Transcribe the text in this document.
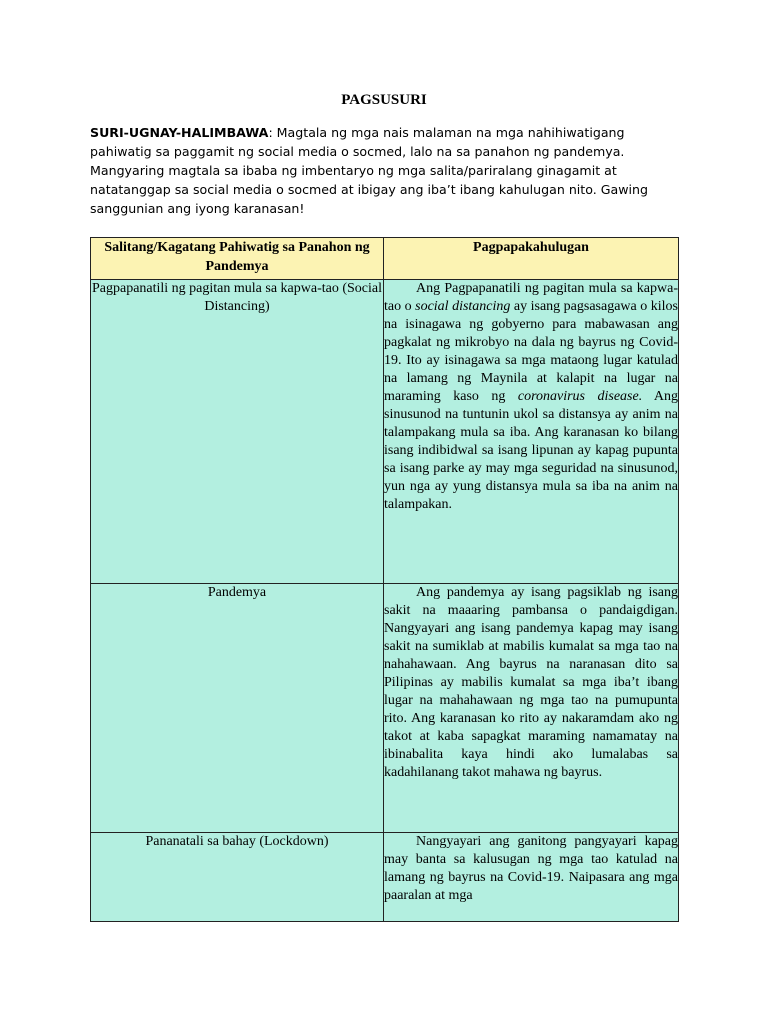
PAGSUSURI
SURI-UGNAY-HALIMBAWA: Magtala ng mga nais malaman na mga nahihiwatigang pahiwatig sa paggamit ng social media o socmed, lalo na sa panahon ng pandemya. Mangyaring magtala sa ibaba ng imbentaryo ng mga salita/pariralang ginagamit at natatanggap sa social media o socmed at ibigay ang iba’t ibang kahulugan nito. Gawing sanggunian ang iyong karanasan!
Salitang/Kagatang Pahiwatig sa Panahon ng Pandemya	Pagpapakahulugan
Pagpapanatili ng pagitan mula sa kapwa-tao (Social Distancing)	Ang Pagpapanatili ng pagitan mula sa kapwa-tao o social distancing ay isang pagsasagawa o kilos na isinagawa ng gobyerno para mabawasan ang pagkalat ng mikrobyo na dala ng bayrus ng Covid-19. Ito ay isinagawa sa mga mataong lugar katulad na lamang ng Maynila at kalapit na lugar na maraming kaso ng coronavirus disease. Ang sinusunod na tuntunin ukol sa distansya ay anim na talampakang mula sa iba. Ang karanasan ko bilang isang indibidwal sa isang lipunan ay kapag pupunta sa isang parke ay may mga seguridad na sinusunod, yun nga ay yung distansya mula sa iba na anim na talampakan.

Pandemya	Ang pandemya ay isang pagsiklab ng isang sakit na maaaring pambansa o pandaigdigan. Nangyayari ang isang pandemya kapag may isang sakit na sumiklab at mabilis kumalat sa mga tao na nahahawaan. Ang bayrus na naranasan dito sa Pilipinas ay mabilis kumalat sa mga iba’t ibang lugar na mahahawaan ng mga tao na pumupunta rito. Ang karanasan ko rito ay nakaramdam ako ng takot at kaba sapagkat maraming namamatay na ibinabalita kaya hindi ako lumalabas sa kadahilanang takot mahawa ng bayrus.

Pananatali sa bahay (Lockdown)	Nangyayari ang ganitong pangyayari kapag may banta sa kalusugan ng mga tao katulad na lamang ng bayrus na Covid-19. Naipasara ang mga paaralan at mga
